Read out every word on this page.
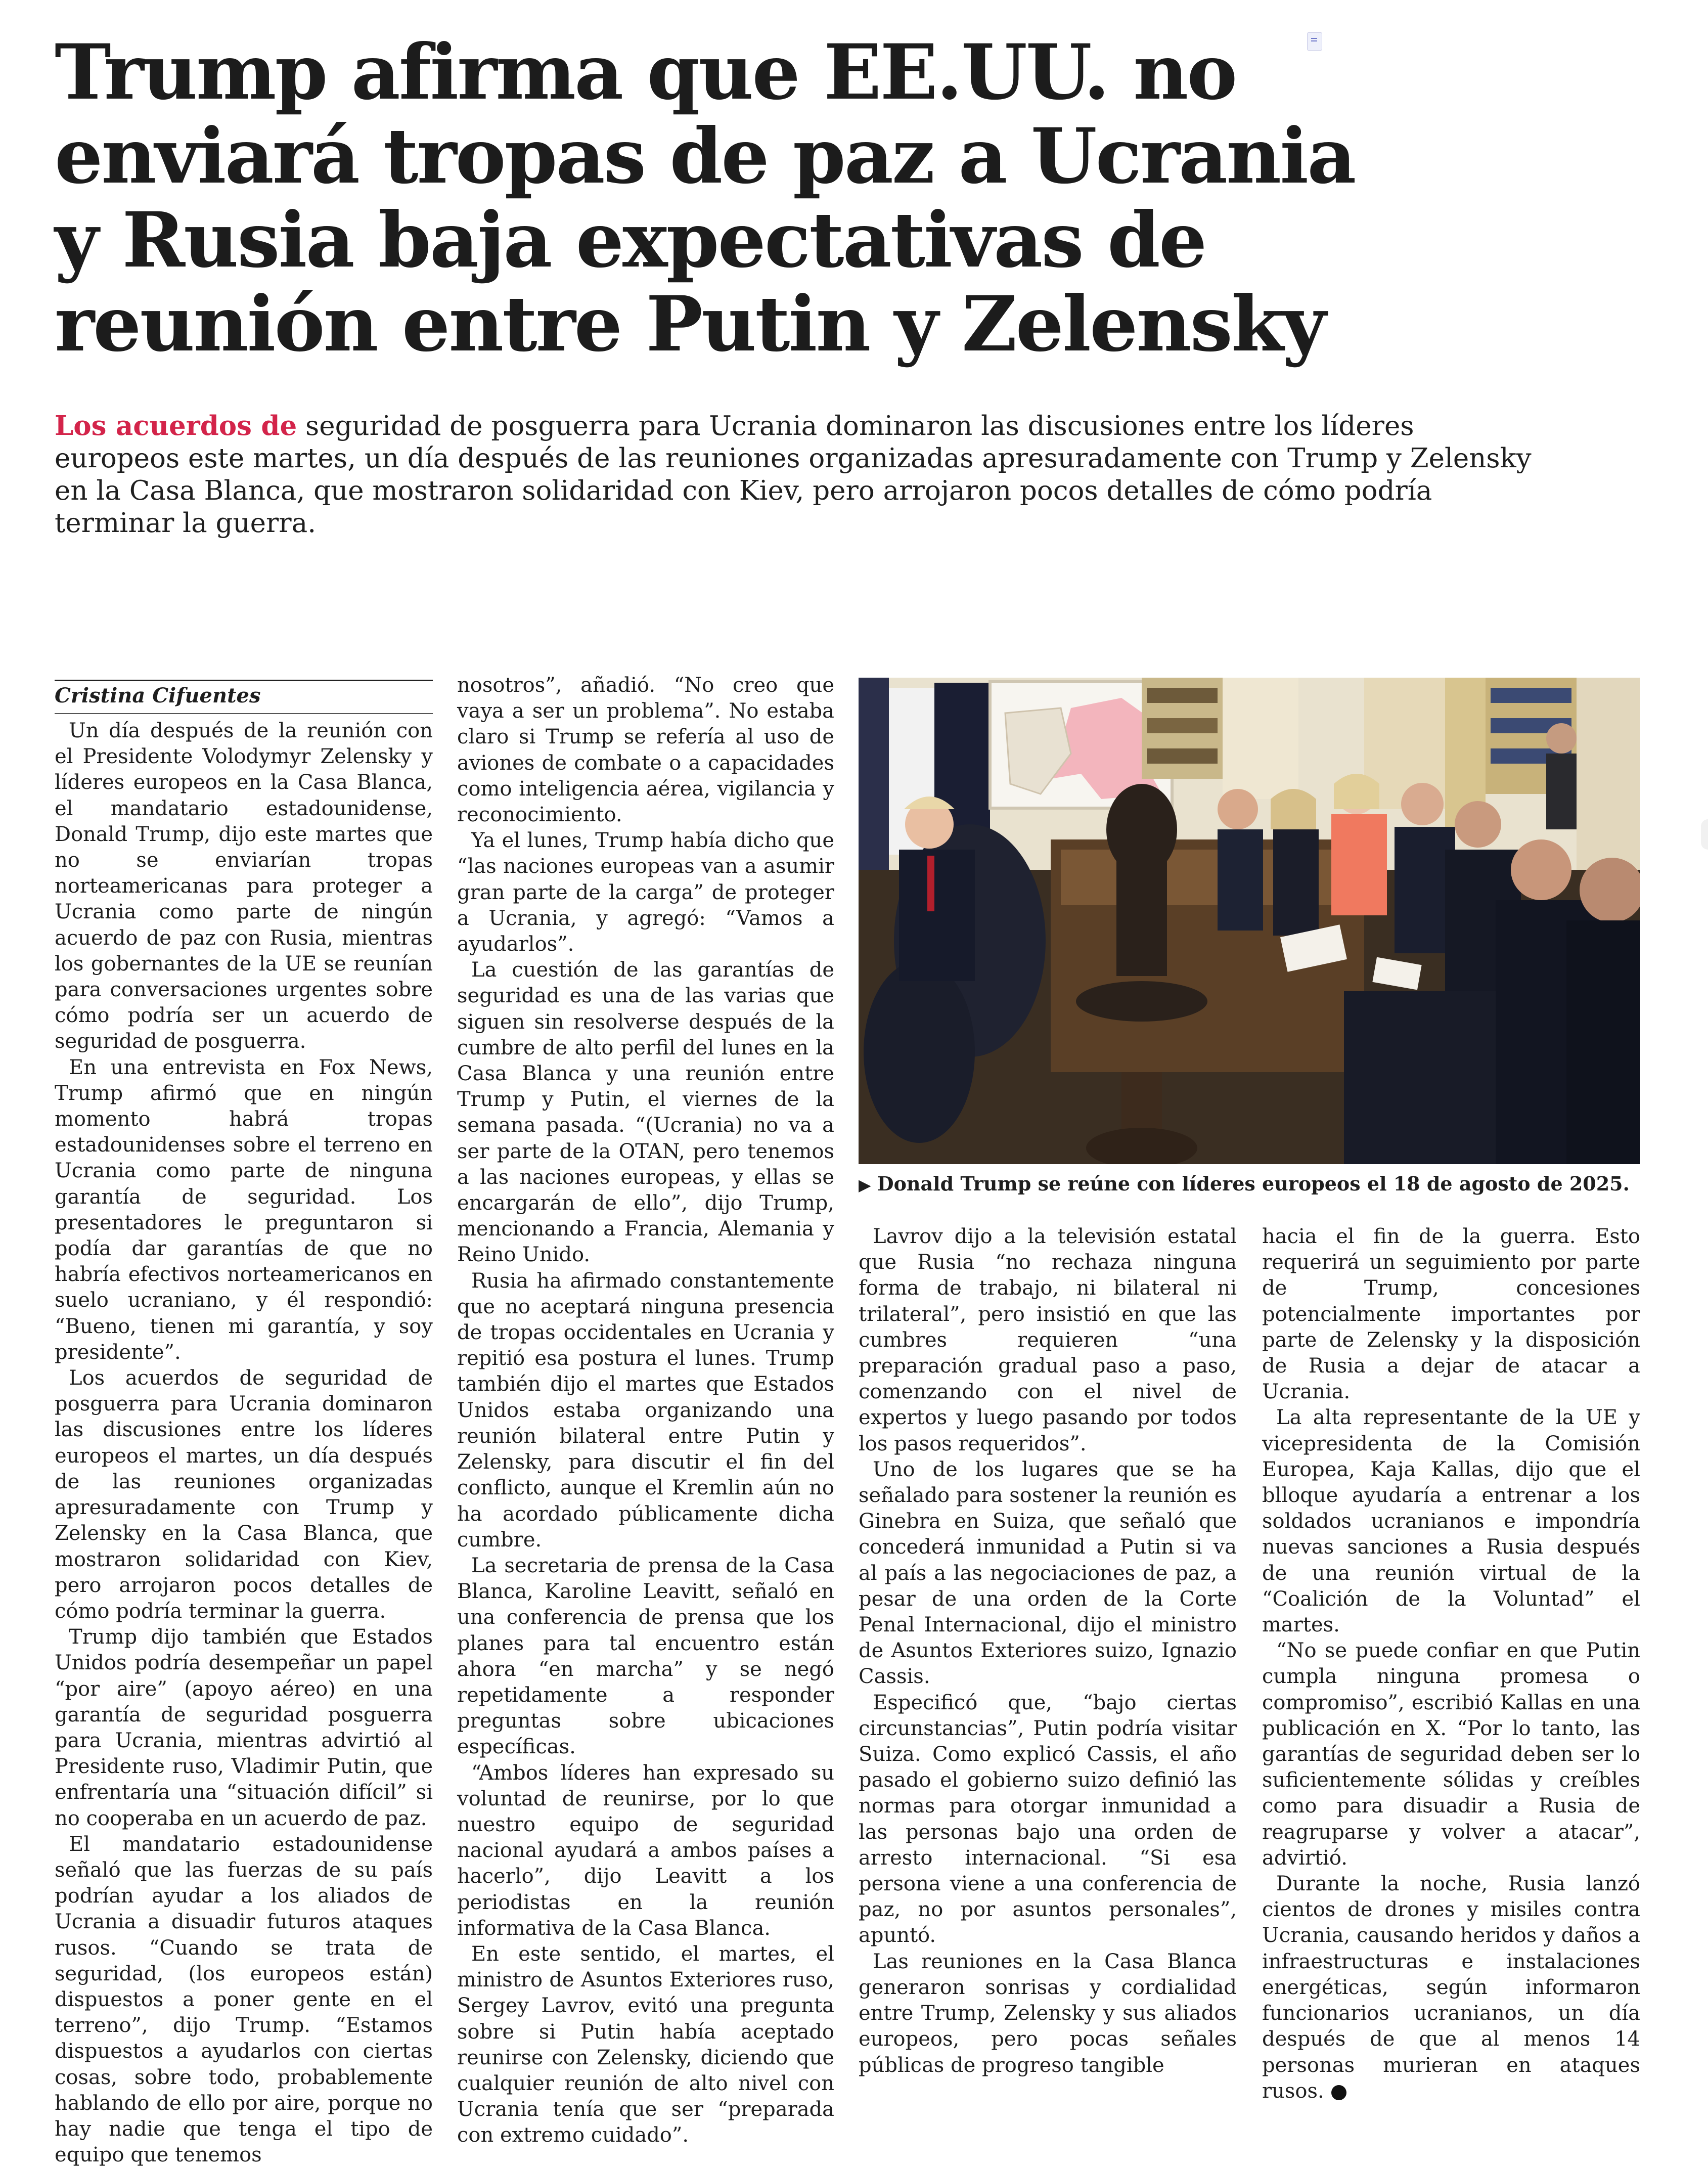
Trump afirma que EE.UU. no enviará tropas de paz a Ucrania y Rusia baja expectativas de reunión entre Putin y Zelensky

Los acuerdos de seguridad de posguerra para Ucrania dominaron las discusiones entre los líderes europeos este martes, un día después de las reuniones organizadas apresuradamente con Trump y Zelensky en la Casa Blanca, que mostraron solidaridad con Kiev, pero arrojaron pocos detalles de cómo podría terminar la guerra.

Cristina Cifuentes

Un día después de la reunión con el Presidente Volodymyr Zelensky y líderes europeos en la Casa Blanca, el mandatario estadounidense, Donald Trump, dijo este martes que no se enviarían tropas norteamericanas para proteger a Ucrania como parte de ningún acuerdo de paz con Rusia, mientras los gobernantes de la UE se reunían para conversaciones urgentes sobre cómo podría ser un acuerdo de seguridad de posguerra.

En una entrevista en Fox News, Trump afirmó que en ningún momento habrá tropas estadounidenses sobre el terreno en Ucrania como parte de ninguna garantía de seguridad. Los presentadores le preguntaron si podía dar garantías de que no habría efectivos norteamericanos en suelo ucraniano, y él respondió: “Bueno, tienen mi garantía, y soy presidente”.

Los acuerdos de seguridad de posguerra para Ucrania dominaron las discusiones entre los líderes europeos el martes, un día después de las reuniones organizadas apresuradamente con Trump y Zelensky en la Casa Blanca, que mostraron solidaridad con Kiev, pero arrojaron pocos detalles de cómo podría terminar la guerra.

Trump dijo también que Estados Unidos podría desempeñar un papel “por aire” (apoyo aéreo) en una garantía de seguridad posguerra para Ucrania, mientras advirtió al Presidente ruso, Vladimir Putin, que enfrentaría una “situación difícil” si no cooperaba en un acuerdo de paz.

El mandatario estadounidense señaló que las fuerzas de su país podrían ayudar a los aliados de Ucrania a disuadir futuros ataques rusos. “Cuando se trata de seguridad, (los europeos están) dispuestos a poner gente en el terreno”, dijo Trump. “Estamos dispuestos a ayudarlos con ciertas cosas, sobre todo, probablemente hablando de ello por aire, porque no hay nadie que tenga el tipo de equipo que tenemos

nosotros”, añadió. “No creo que vaya a ser un problema”. No estaba claro si Trump se refería al uso de aviones de combate o a capacidades como inteligencia aérea, vigilancia y reconocimiento.

Ya el lunes, Trump había dicho que “las naciones europeas van a asumir gran parte de la carga” de proteger a Ucrania, y agregó: “Vamos a ayudarlos”.

La cuestión de las garantías de seguridad es una de las varias que siguen sin resolverse después de la cumbre de alto perfil del lunes en la Casa Blanca y una reunión entre Trump y Putin, el viernes de la semana pasada. “(Ucrania) no va a ser parte de la OTAN, pero tenemos a las naciones europeas, y ellas se encargarán de ello”, dijo Trump, mencionando a Francia, Alemania y Reino Unido.

Rusia ha afirmado constantemente que no aceptará ninguna presencia de tropas occidentales en Ucrania y repitió esa postura el lunes. Trump también dijo el martes que Estados Unidos estaba organizando una reunión bilateral entre Putin y Zelensky, para discutir el fin del conflicto, aunque el Kremlin aún no ha acordado públicamente dicha cumbre.

La secretaria de prensa de la Casa Blanca, Karoline Leavitt, señaló en una conferencia de prensa que los planes para tal encuentro están ahora “en marcha” y se negó repetidamente a responder preguntas sobre ubicaciones específicas.

“Ambos líderes han expresado su voluntad de reunirse, por lo que nuestro equipo de seguridad nacional ayudará a ambos países a hacerlo”, dijo Leavitt a los periodistas en la reunión informativa de la Casa Blanca.

En este sentido, el martes, el ministro de Asuntos Exteriores ruso, Sergey Lavrov, evitó una pregunta sobre si Putin había aceptado reunirse con Zelensky, diciendo que cualquier reunión de alto nivel con Ucrania tenía que ser “preparada con extremo cuidado”.

▶ Donald Trump se reúne con líderes europeos el 18 de agosto de 2025.

Lavrov dijo a la televisión estatal que Rusia “no rechaza ninguna forma de trabajo, ni bilateral ni trilateral”, pero insistió en que las cumbres requieren “una preparación gradual paso a paso, comenzando con el nivel de expertos y luego pasando por todos los pasos requeridos”.

Uno de los lugares que se ha señalado para sostener la reunión es Ginebra en Suiza, que señaló que concederá inmunidad a Putin si va al país a las negociaciones de paz, a pesar de una orden de la Corte Penal Internacional, dijo el ministro de Asuntos Exteriores suizo, Ignazio Cassis.

Especificó que, “bajo ciertas circunstancias”, Putin podría visitar Suiza. Como explicó Cassis, el año pasado el gobierno suizo definió las normas para otorgar inmunidad a las personas bajo una orden de arresto internacional. “Si esa persona viene a una conferencia de paz, no por asuntos personales”, apuntó.

Las reuniones en la Casa Blanca generaron sonrisas y cordialidad entre Trump, Zelensky y sus aliados europeos, pero pocas señales públicas de progreso tangible

hacia el fin de la guerra. Esto requerirá un seguimiento por parte de Trump, concesiones potencialmente importantes por parte de Zelensky y la disposición de Rusia a dejar de atacar a Ucrania.

La alta representante de la UE y vicepresidenta de la Comisión Europea, Kaja Kallas, dijo que el blloque ayudaría a entrenar a los soldados ucranianos e impondría nuevas sanciones a Rusia después de una reunión virtual de la “Coalición de la Voluntad” el martes.

“No se puede confiar en que Putin cumpla ninguna promesa o compromiso”, escribió Kallas en una publicación en X. “Por lo tanto, las garantías de seguridad deben ser lo suficientemente sólidas y creíbles como para disuadir a Rusia de reagruparse y volver a atacar”, advirtió.

Durante la noche, Rusia lanzó cientos de drones y misiles contra Ucrania, causando heridos y daños a infraestructuras e instalaciones energéticas, según informaron funcionarios ucranianos, un día después de que al menos 14 personas murieran en ataques rusos.
